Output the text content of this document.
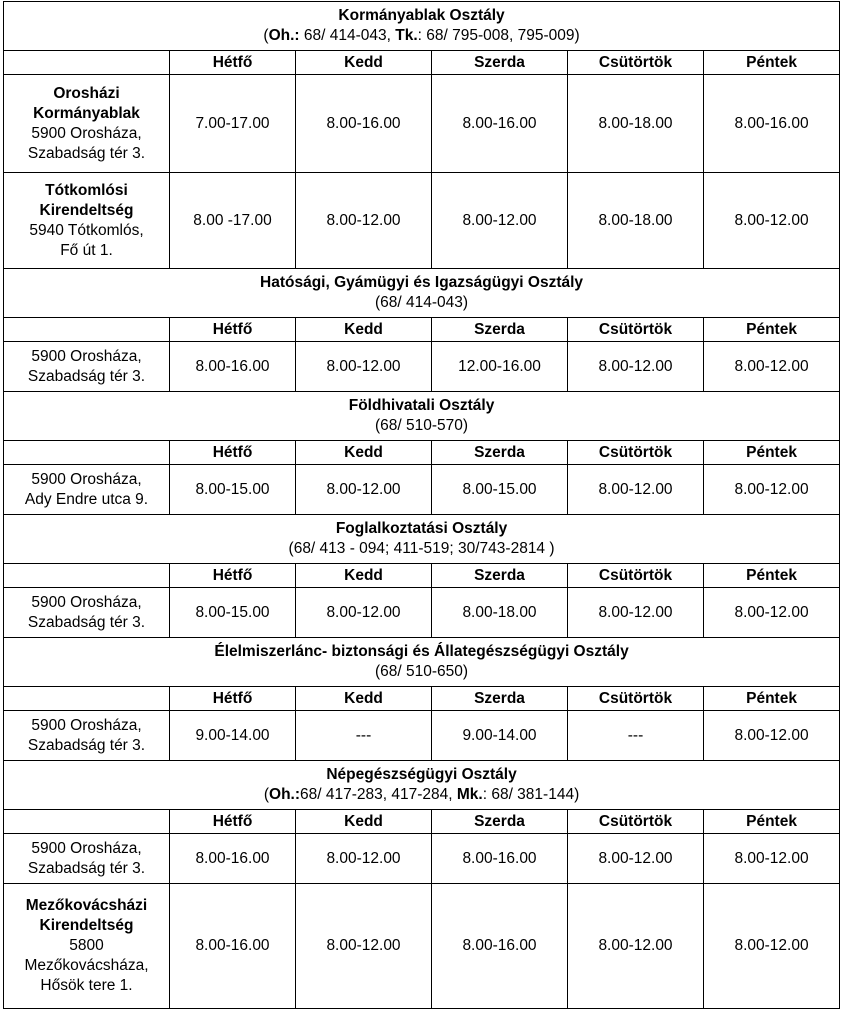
Kormányablak Osztály
(Oh.: 68/ 414-043, Tk.: 68/ 795-008, 795-009)					

	Hétfő	Kedd	Szerda	Csütörtök	Péntek

Orosházi
Kormányablak
5900 Orosháza,
Szabadság tér 3.	7.00-17.00	8.00-16.00	8.00-16.00	8.00-18.00	8.00-16.00

Tótkomlósi
Kirendeltség
5940 Tótkomlós,
Fő út 1.	8.00 -17.00	8.00-12.00	8.00-12.00	8.00-18.00	8.00-12.00

Hatósági, Gyámügyi és Igazságügyi Osztály
(68/ 414-043)					

	Hétfő	Kedd	Szerda	Csütörtök	Péntek

5900 Orosháza,
Szabadság tér 3.	8.00-16.00	8.00-12.00	12.00-16.00	8.00-12.00	8.00-12.00

Földhivatali Osztály
(68/ 510-570)					

	Hétfő	Kedd	Szerda	Csütörtök	Péntek

5900 Orosháza,
Ady Endre utca 9.	8.00-15.00	8.00-12.00	8.00-15.00	8.00-12.00	8.00-12.00

Foglalkoztatási Osztály
(68/ 413 - 094; 411-519; 30/743-2814 )					

	Hétfő	Kedd	Szerda	Csütörtök	Péntek

5900 Orosháza,
Szabadság tér 3.	8.00-15.00	8.00-12.00	8.00-18.00	8.00-12.00	8.00-12.00

Élelmiszerlánc- biztonsági és Állategészségügyi Osztály
(68/ 510-650)					

	Hétfő	Kedd	Szerda	Csütörtök	Péntek

5900 Orosháza,
Szabadság tér 3.	9.00-14.00	---	9.00-14.00	---	8.00-12.00

Népegészségügyi Osztály
(Oh.:68/ 417-283, 417-284, Mk.: 68/ 381-144)					

	Hétfő	Kedd	Szerda	Csütörtök	Péntek

5900 Orosháza,
Szabadság tér 3.	8.00-16.00	8.00-12.00	8.00-16.00	8.00-12.00	8.00-12.00

Mezőkovácsházi
Kirendeltség
5800
Mezőkovácsháza,
Hősök tere 1.	8.00-16.00	8.00-12.00	8.00-16.00	8.00-12.00	8.00-12.00
